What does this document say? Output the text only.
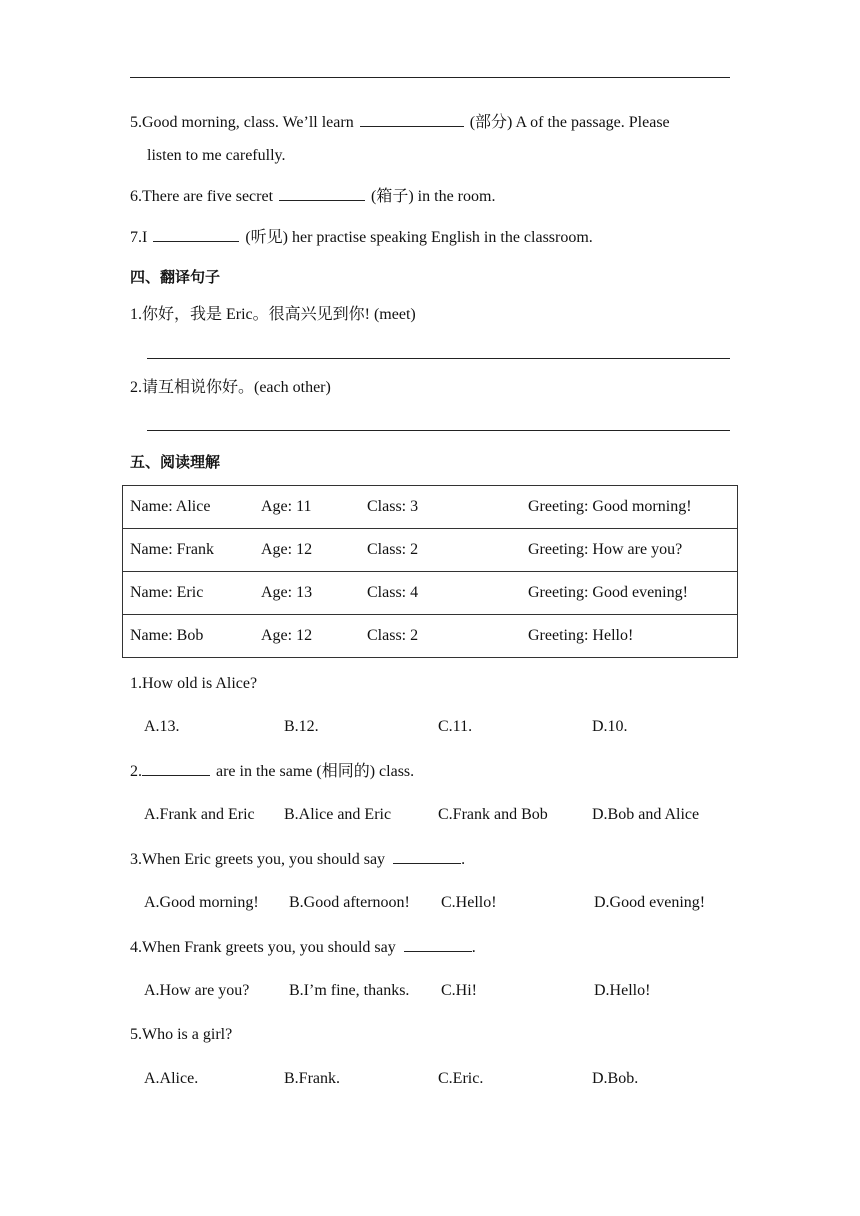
5.Good morning, class. We’ll learn	(部分) A of the passage. Please
listen to me carefully.
6.There are five secret	(箱子) in the room.
7.I	(听见) her practise speaking English in the classroom.
四、翻译句子
1.你好，我是 Eric。很高兴见到你! (meet)
2.请互相说你好。(each other)
五、阅读理解
Name: Alice	Age: 11	Class: 3	Greeting: Good morning!
Name: Frank	Age: 12	Class: 2	Greeting: How are you?
Name: Eric	Age: 13	Class: 4	Greeting: Good evening!
Name: Bob	Age: 12	Class: 2	Greeting: Hello!
1.How old is Alice?
A.13.	B.12.	C.11.	D.10.
2.	are in the same (相同的) class.
A.Frank and Eric B.Alice and Eric	C.Frank and Bob	D.Bob and Alice
3.When Eric greets you, you should say	.
A.Good morning! B.Good afternoon! C.Hello!	D.Good evening!
4.When Frank greets you, you should say	.
A.How are you? B.I’m fine, thanks. C.Hi!	D.Hello!
5.Who is a girl?
A.Alice.	B.Frank.	C.Eric.	D.Bob.
